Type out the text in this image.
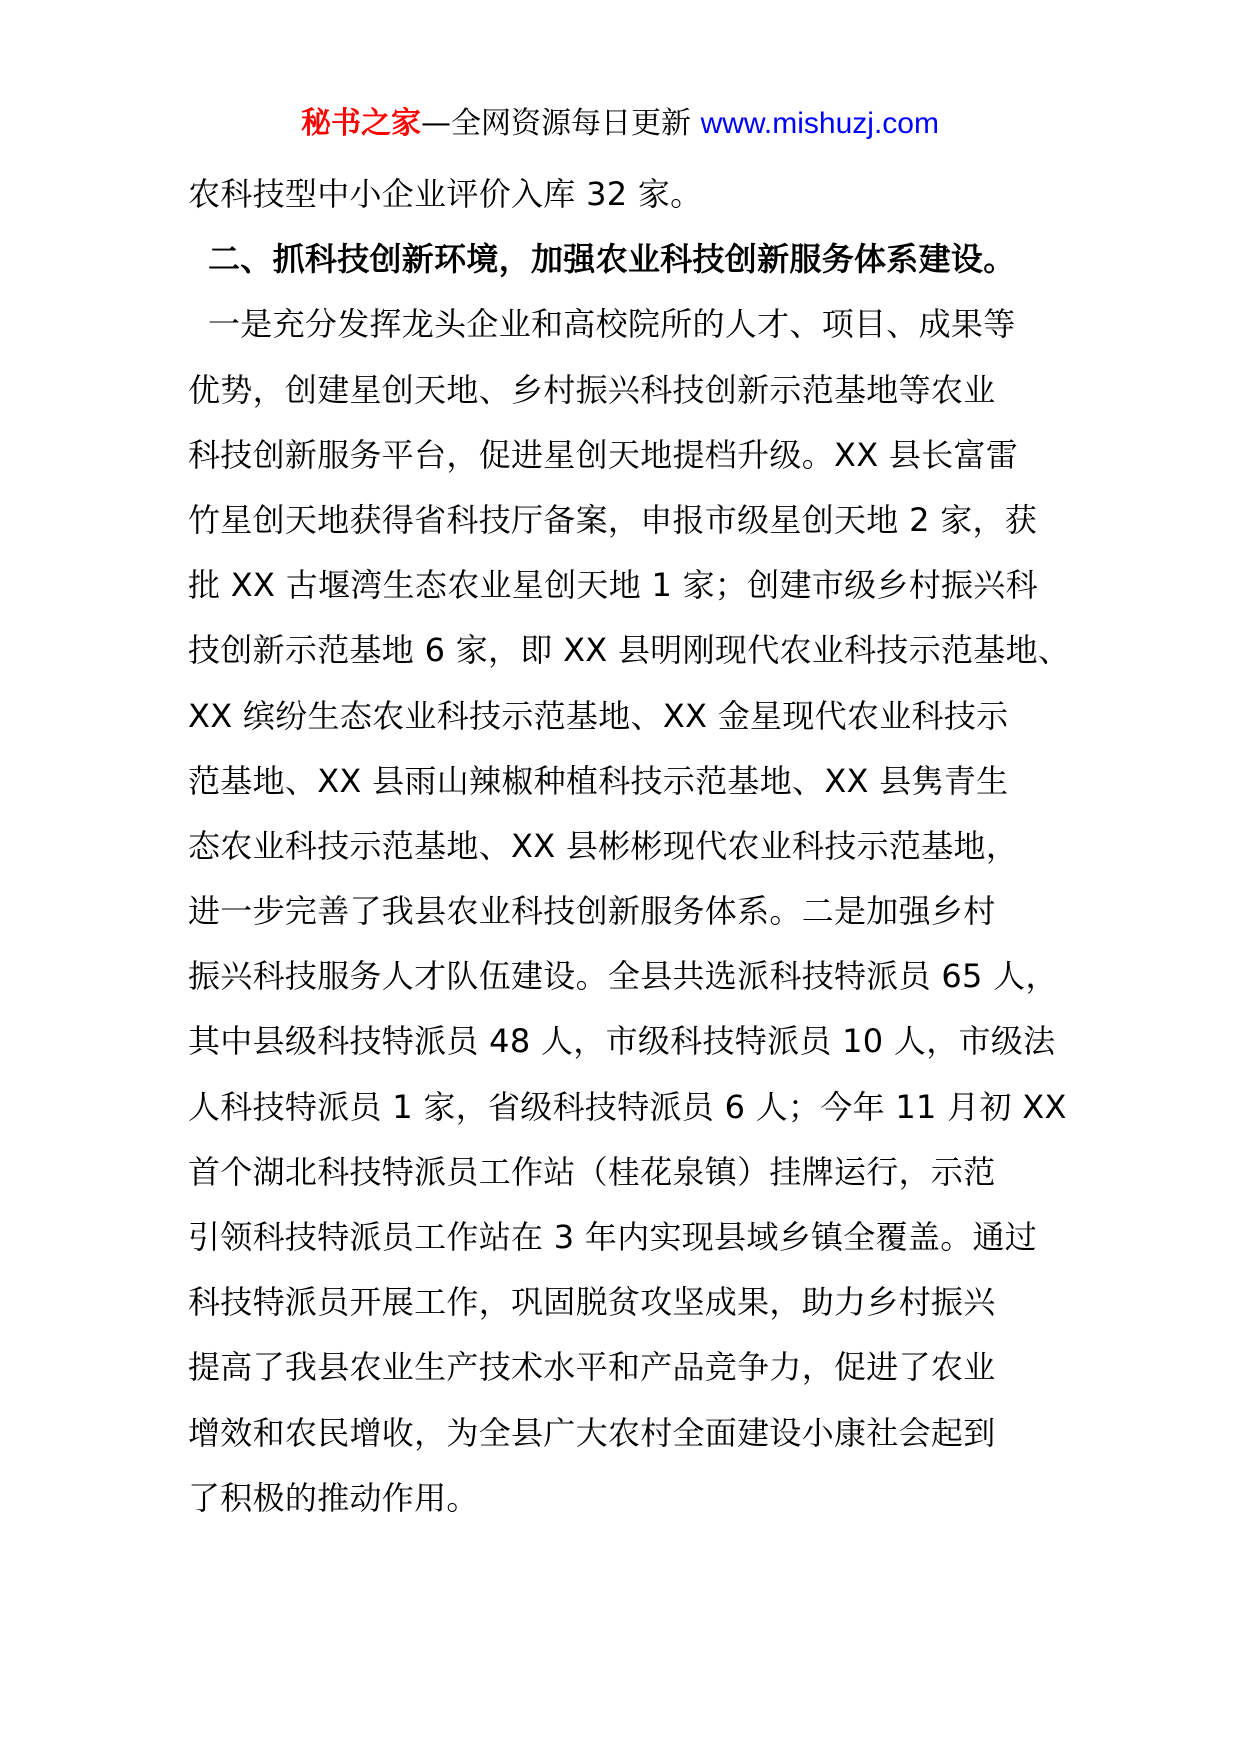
秘书之家—全网资源每日更新 www.mishuzj.com
农科技型中小企业评价入库 32 家。
二、抓科技创新环境，加强农业科技创新服务体系建设。
一是充分发挥龙头企业和高校院所的人才、项目、成果等
优势，创建星创天地、乡村振兴科技创新示范基地等农业
科技创新服务平台，促进星创天地提档升级。XX 县长富雷
竹星创天地获得省科技厅备案，申报市级星创天地 2 家，获
批 XX 古堰湾生态农业星创天地 1 家；创建市级乡村振兴科
技创新示范基地 6 家，即 XX 县明刚现代农业科技示范基地、
XX 缤纷生态农业科技示范基地、XX 金星现代农业科技示
范基地、XX 县雨山辣椒种植科技示范基地、XX 县隽青生
态农业科技示范基地、XX 县彬彬现代农业科技示范基地，
进一步完善了我县农业科技创新服务体系。二是加强乡村
振兴科技服务人才队伍建设。全县共选派科技特派员 65 人，
其中县级科技特派员 48 人，市级科技特派员 10 人，市级法
人科技特派员 1 家，省级科技特派员 6 人；今年 11 月初 XX
首个湖北科技特派员工作站（桂花泉镇）挂牌运行，示范
引领科技特派员工作站在 3 年内实现县域乡镇全覆盖。通过
科技特派员开展工作，巩固脱贫攻坚成果，助力乡村振兴
提高了我县农业生产技术水平和产品竞争力，促进了农业
增效和农民增收，为全县广大农村全面建设小康社会起到
了积极的推动作用。
